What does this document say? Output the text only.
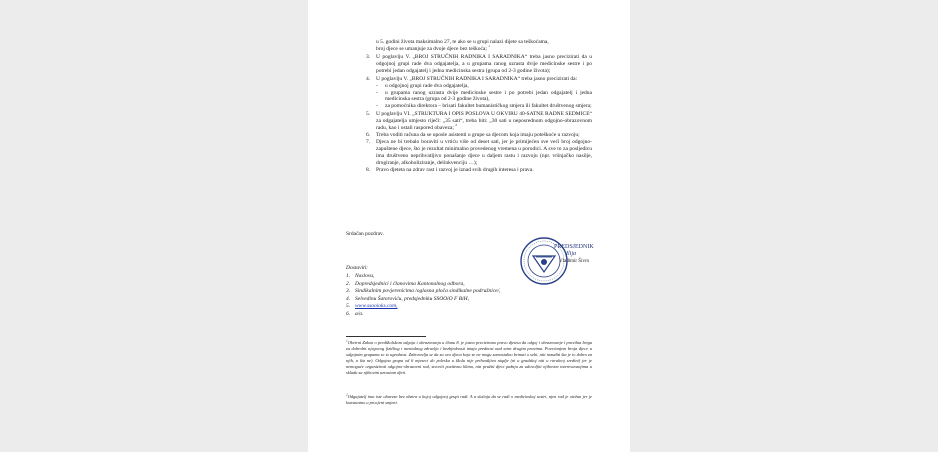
u 5. godini života maksimalno 27, te ako se u grupi nalazi dijete sa teškoćama,
broj djece se umanjuje za dvoje djece bez teškoća; $^1$
3.	U poglavlju V. „BROJ STRUČNIH RADNIKA I SARADNIKA“ treba jasno precizirati da u odgojnoj grupi rade dva odgajatelja, a u grupama ranog uzrasta dvije medicinske sestre i po potrebi jedan odgajatelj i jedna medicinska sestra (grupa od 2-3 godine života);
4.	U poglavlju V. „BROJ STRUČNIH RADNIKA I SARADNIKA“ treba jasno precizirati da:
-	u odgojnoj grupi rade dva odgajatelja,
-	u grupama ranog uzrasta dvije medicinske sestre i po potrebi jedan odgajatelj i jedna medicinska sestra (grupa od 2-3 godine života),
-	za pomoćnika direktora – brisati fakultet humanističkog smjera ili fakultet društvenog smjera;
5.	U poglavlju VI. „STRUKTURA I OPIS POSLOVA U OKVIRU 40-SATNE RADNE SEDMICE“ za odgajatelja umjesto riječi: „35 sati“, treba biti: „30 sati u neposrednom odgojno-obrazovnom radu, kao i ostali raspored obaveza; $^2$
6.	Treba voditi računa da se uposle asistenti u grupe sa djecom koja imaju poteškoće u razvoju;
7.	Djeca ne bi trebalo boraviti u vrtiću više od deset sati, jer je primijećen sve veći broj odgojno-zapuštene djece, što je rezultat minimalno provedenog vremena u porodici. A sve to za posljedicu ima društveno neprihvatljivo ponašanje djece u daljem rastu i razvoju (npr. vršnjačko nasilje, drogiranje, alkoholiziranje, delinkvenciju …);
8.	Pravo djeteta na zdrav rast i razvoj je iznad svih drugih interesa i prava.
Srdačan pozdrav.
PREDSJEDNIK
Ilija
Vladimir Šivro
Dostaviti:
1. Naslovu,
2. Dopredsjednici i članovima Kantonalnog odbora,
3. Sindikalnim povjerenicima /oglasna ploča sindikalne podružnice/,
4. Selvedinu Šatoroviću, predsjedniku SSOOiO F BiH,
5. www.ssooioks.com,
6. a/a.
$^1$Okvirni Zakon o predškolskom odgoju i obrazovanju u članu 8. je jasno precizirano pravo djeteta da odgoj i obrazovanje i pravilna briga za dobrobit njegovog fizičkog i mentalnog zdravlja i bezbjednosti imaju prednost nad svim drugim pravima. Povećanjem broja djece u odgojnim grupama se to ugrožava. Zaboravlja se da su ovo djeca koja se ne mogu samostalno brinuti o sebi, niti razuditi šta je to dobro za njih, a šta ne). Odgojna grupa od 6 mjeseci do poleska u školu nije prihvatljiva niqdje (ni u gradskoj niti u ruralnoj sredini) jer je nemoguće organizirati odgojno-obrazovni rad, stvoriti pozitivnu klimu, niti pružiti djeci pažnju za udovoljiti njihovim interesovanjima u skladu sa njihovim uzrastom djeti.
$^2$Odgajatelj ima iste obaveze bez obzira u kojoj odgojnoj grupi radi. A u slučaju da se radi o medicinskoj sestri, njen rad je otežan jer je konstantno u procjeni smjeni.
